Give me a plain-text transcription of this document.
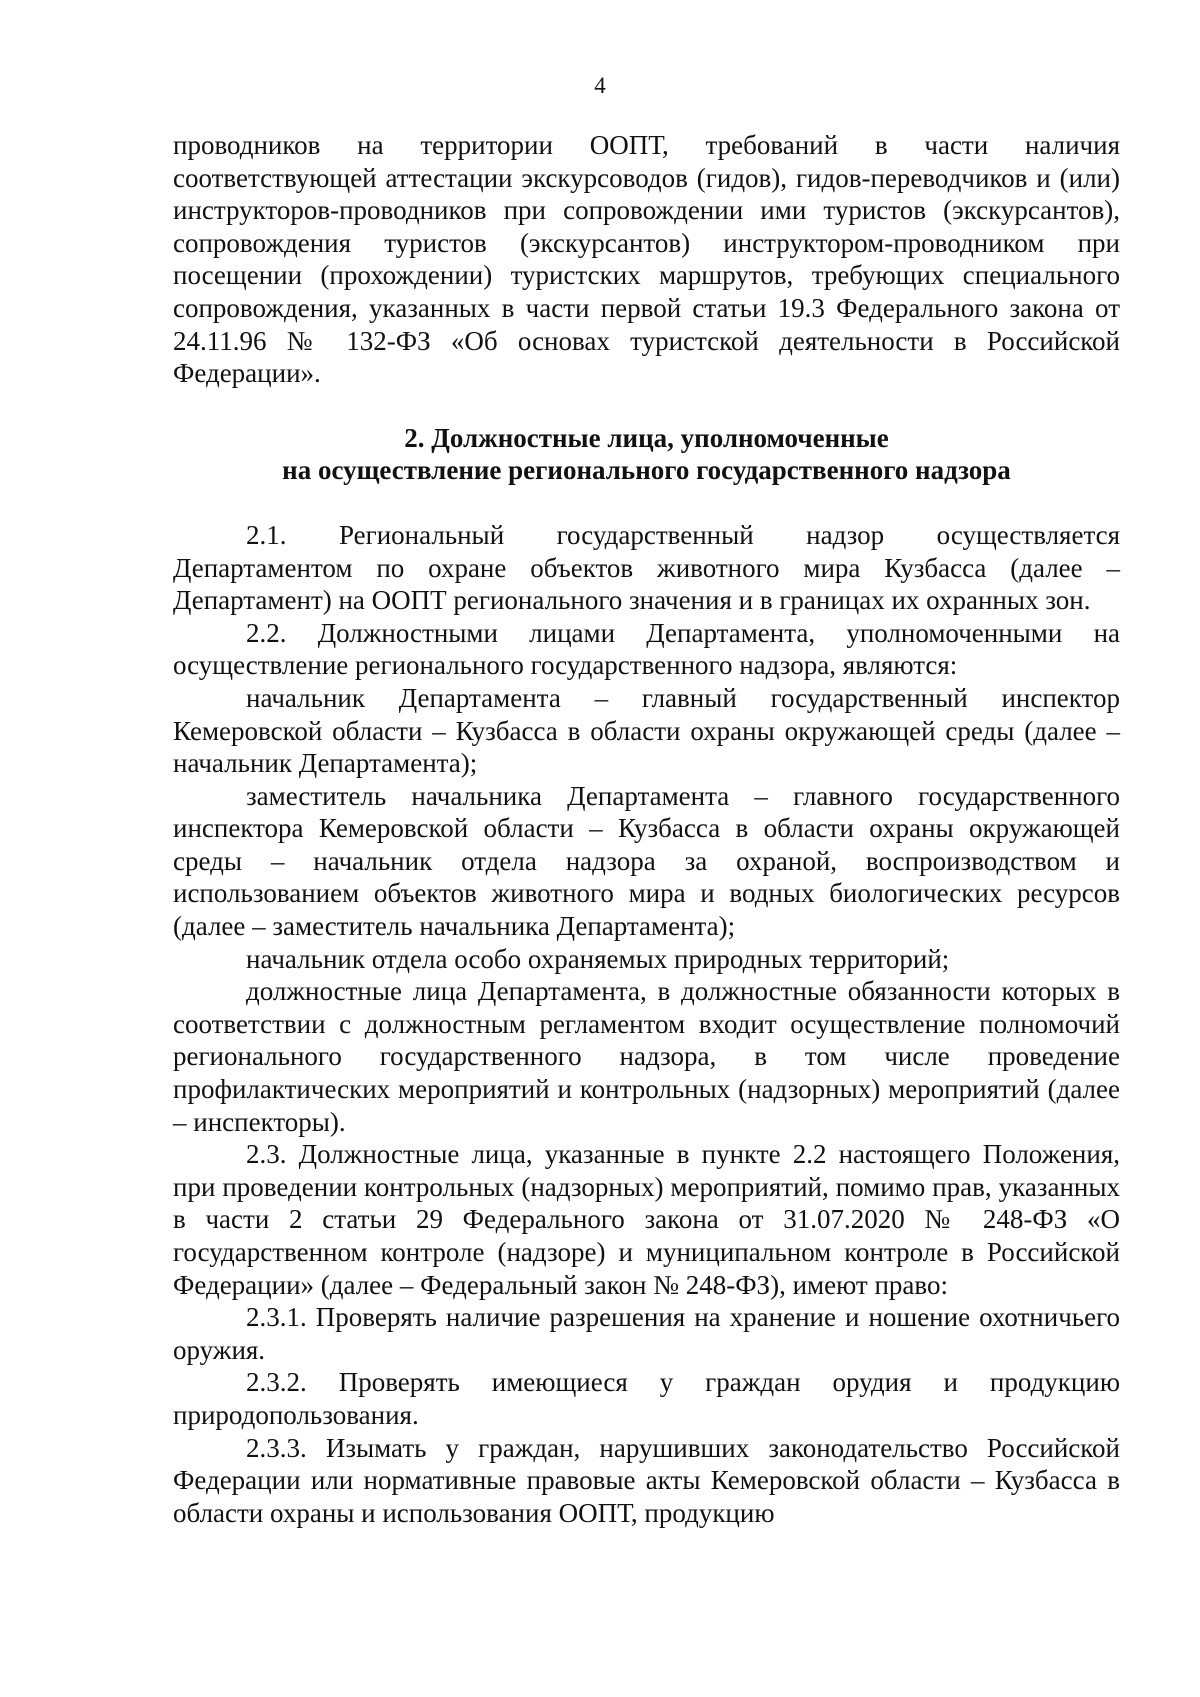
4

проводников на территории ООПТ, требований в части наличия соответствующей аттестации экскурсоводов (гидов), гидов-переводчиков и (или) инструкторов-проводников при сопровождении ими туристов (экскурсантов), сопровождения туристов (экскурсантов) инструктором-проводником при посещении (прохождении) туристских маршрутов, требующих специального сопровождения, указанных в части первой статьи 19.3 Федерального закона от 24.11.96 № 132-ФЗ «Об основах туристской деятельности в Российской Федерации».

2. Должностные лица, уполномоченные
на осуществление регионального государственного надзора

2.1. Региональный государственный надзор осуществляется Департаментом по охране объектов животного мира Кузбасса (далее – Департамент) на ООПТ регионального значения и в границах их охранных зон.

2.2. Должностными лицами Департамента, уполномоченными на осуществление регионального государственного надзора, являются:

начальник Департамента – главный государственный инспектор Кемеровской области – Кузбасса в области охраны окружающей среды (далее – начальник Департамента);

заместитель начальника Департамента – главного государственного инспектора Кемеровской области – Кузбасса в области охраны окружающей среды – начальник отдела надзора за охраной, воспроизводством и использованием объектов животного мира и водных биологических ресурсов (далее – заместитель начальника Департамента);

начальник отдела особо охраняемых природных территорий;

должностные лица Департамента, в должностные обязанности которых в соответствии с должностным регламентом входит осуществление полномочий регионального государственного надзора, в том числе проведение профилактических мероприятий и контрольных (надзорных) мероприятий (далее – инспекторы).

2.3. Должностные лица, указанные в пункте 2.2 настоящего Положения, при проведении контрольных (надзорных) мероприятий, помимо прав, указанных в части 2 статьи 29 Федерального закона от 31.07.2020 № 248-ФЗ «О государственном контроле (надзоре) и муниципальном контроле в Российской Федерации» (далее – Федеральный закон № 248-ФЗ), имеют право:

2.3.1. Проверять наличие разрешения на хранение и ношение охотничьего оружия.

2.3.2. Проверять имеющиеся у граждан орудия и продукцию природопользования.

2.3.3. Изымать у граждан, нарушивших законодательство Российской Федерации или нормативные правовые акты Кемеровской области – Кузбасса в области охраны и использования ООПТ, продукцию
